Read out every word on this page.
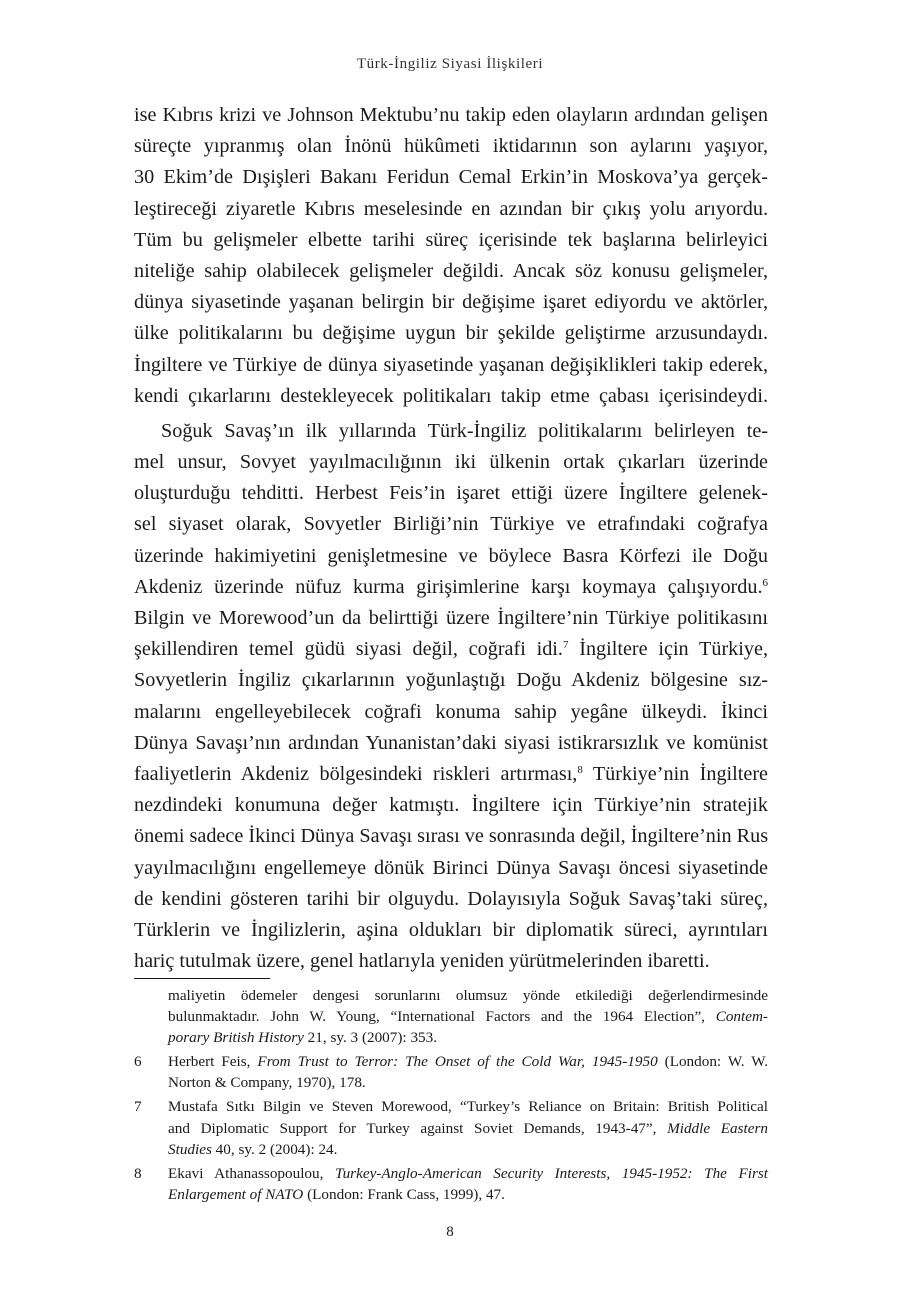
Türk-İngiliz Siyasi İlişkileri
ise Kıbrıs krizi ve Johnson Mektubu’nu takip eden olayların ardından gelişen
süreçte yıpranmış olan İnönü hükûmeti iktidarının son aylarını yaşıyor,
30 Ekim’de Dışişleri Bakanı Feridun Cemal Erkin’in Moskova’ya gerçek-
leştireceği ziyaretle Kıbrıs meselesinde en azından bir çıkış yolu arıyordu.
Tüm bu gelişmeler elbette tarihi süreç içerisinde tek başlarına belirleyici
niteliğe sahip olabilecek gelişmeler değildi. Ancak söz konusu gelişmeler,
dünya siyasetinde yaşanan belirgin bir değişime işaret ediyordu ve aktörler,
ülke politikalarını bu değişime uygun bir şekilde geliştirme arzusundaydı.
İngiltere ve Türkiye de dünya siyasetinde yaşanan değişiklikleri takip ederek,
kendi çıkarlarını destekleyecek politikaları takip etme çabası içerisindeydi.
Soğuk Savaş’ın ilk yıllarında Türk-İngiliz politikalarını belirleyen te-
mel unsur, Sovyet yayılmacılığının iki ülkenin ortak çıkarları üzerinde
oluşturduğu tehditti. Herbest Feis’in işaret ettiği üzere İngiltere gelenek-
sel siyaset olarak, Sovyetler Birliği’nin Türkiye ve etrafındaki coğrafya
üzerinde hakimiyetini genişletmesine ve böylece Basra Körfezi ile Doğu
Akdeniz üzerinde nüfuz kurma girişimlerine karşı koymaya çalışıyordu.$^6$
Bilgin ve Morewood’un da belirttiği üzere İngiltere’nin Türkiye politikasını
şekillendiren temel güdü siyasi değil, coğrafi idi.$^7$ İngiltere için Türkiye,
Sovyetlerin İngiliz çıkarlarının yoğunlaştığı Doğu Akdeniz bölgesine sız-
malarını engelleyebilecek coğrafi konuma sahip yegâne ülkeydi. İkinci
Dünya Savaşı’nın ardından Yunanistan’daki siyasi istikrarsızlık ve komünist
faaliyetlerin Akdeniz bölgesindeki riskleri artırması,$^8$ Türkiye’nin İngiltere
nezdindeki konumuna değer katmıştı. İngiltere için Türkiye’nin stratejik
önemi sadece İkinci Dünya Savaşı sırası ve sonrasında değil, İngiltere’nin Rus
yayılmacılığını engellemeye dönük Birinci Dünya Savaşı öncesi siyasetinde
de kendini gösteren tarihi bir olguydu. Dolayısıyla Soğuk Savaş’taki süreç,
Türklerin ve İngilizlerin, aşina oldukları bir diplomatik süreci, ayrıntıları
hariç tutulmak üzere, genel hatlarıyla yeniden yürütmelerinden ibaretti.
maliyetin ödemeler dengesi sorunlarını olumsuz yönde etkilediği değerlendirmesinde
bulunmaktadır. John W. Young, “International Factors and the 1964 Election”, Contem-
porary British History 21, sy. 3 (2007): 353.
6 Herbert Feis, From Trust to Terror: The Onset of the Cold War, 1945-1950 (London: W. W.
Norton & Company, 1970), 178.
7 Mustafa Sıtkı Bilgin ve Steven Morewood, “Turkey’s Reliance on Britain: British Political
and Diplomatic Support for Turkey against Soviet Demands, 1943-47”, Middle Eastern
Studies 40, sy. 2 (2004): 24.
8 Ekavi Athanassopoulou, Turkey-Anglo-American Security Interests, 1945-1952: The First
Enlargement of NATO (London: Frank Cass, 1999), 47.
8
